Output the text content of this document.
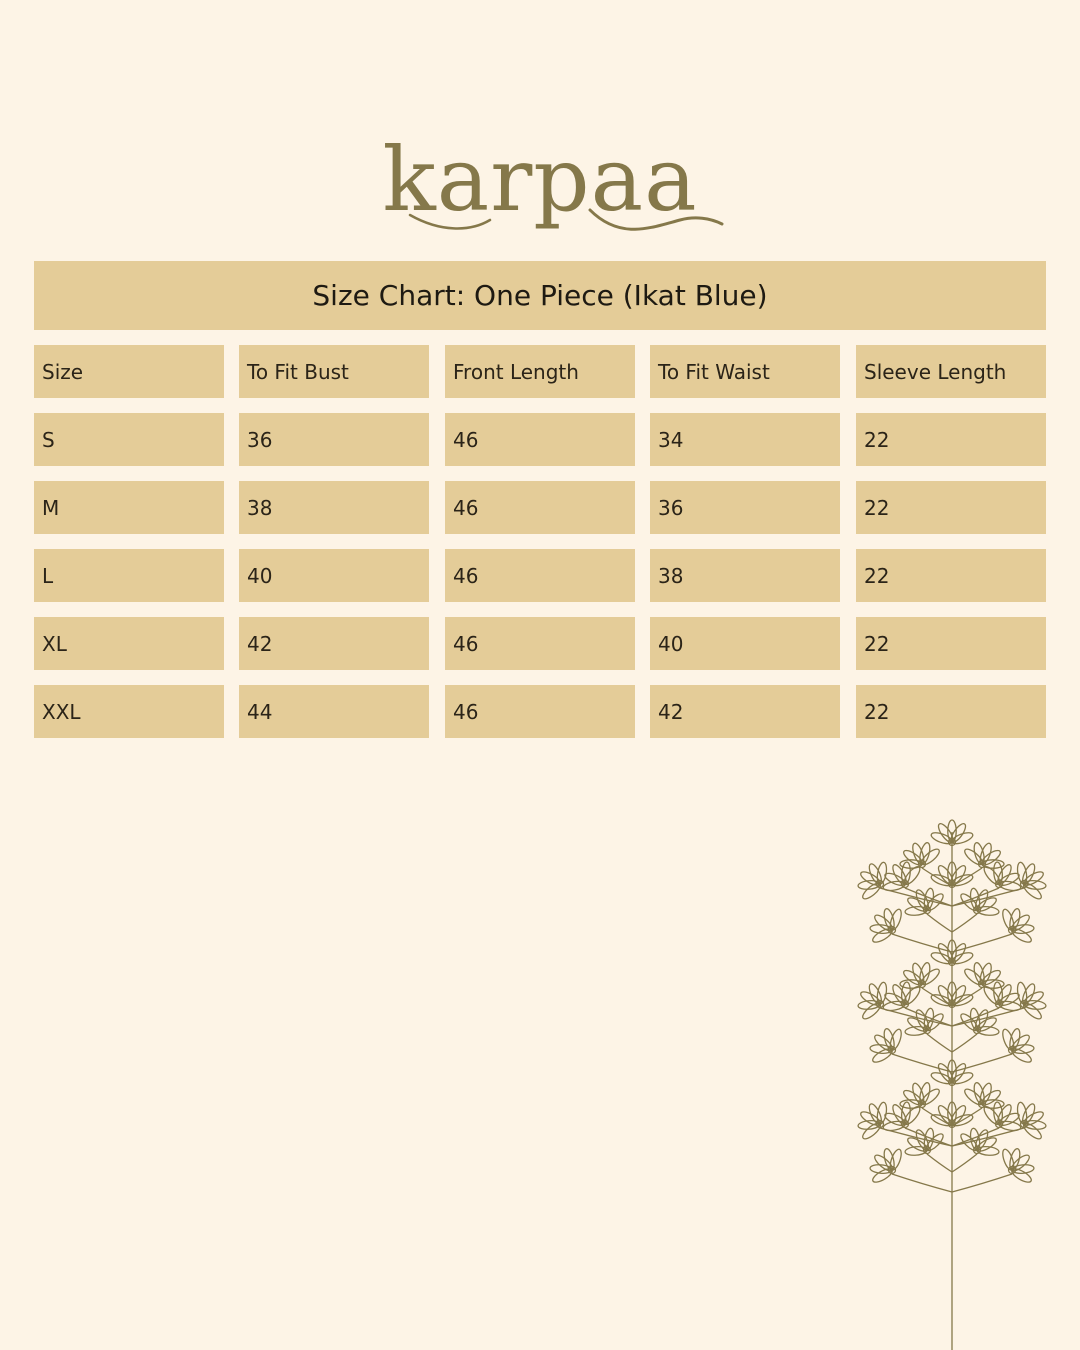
karpaa
Size Chart: One Piece (Ikat Blue)
Size	To Fit Bust	Front Length	To Fit Waist	Sleeve Length
S	36	46	34	22
M	38	46	36	22
L	40	46	38	22
XL	42	46	40	22
XXL	44	46	42	22
